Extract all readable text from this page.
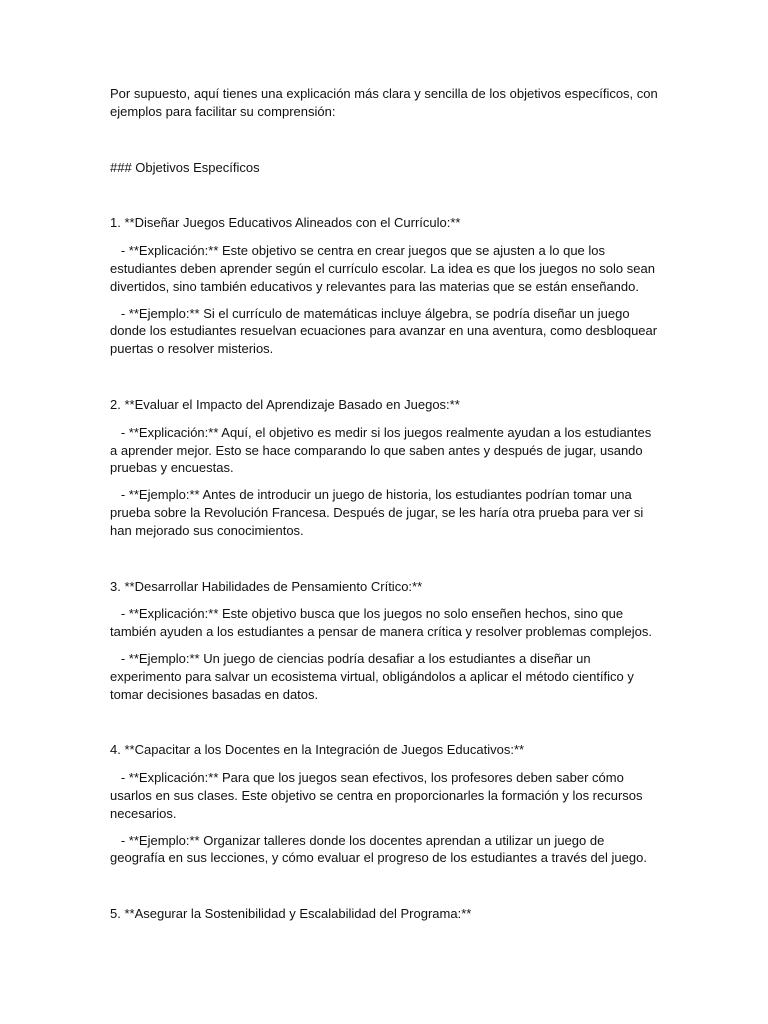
Por supuesto, aquí tienes una explicación más clara y sencilla de los objetivos específicos, con ejemplos para facilitar su comprensión:

### Objetivos Específicos

1. **Diseñar Juegos Educativos Alineados con el Currículo:**

- **Explicación:** Este objetivo se centra en crear juegos que se ajusten a lo que los estudiantes deben aprender según el currículo escolar. La idea es que los juegos no solo sean divertidos, sino también educativos y relevantes para las materias que se están enseñando.

- **Ejemplo:** Si el currículo de matemáticas incluye álgebra, se podría diseñar un juego donde los estudiantes resuelvan ecuaciones para avanzar en una aventura, como desbloquear puertas o resolver misterios.

2. **Evaluar el Impacto del Aprendizaje Basado en Juegos:**

- **Explicación:** Aquí, el objetivo es medir si los juegos realmente ayudan a los estudiantes a aprender mejor. Esto se hace comparando lo que saben antes y después de jugar, usando pruebas y encuestas.

- **Ejemplo:** Antes de introducir un juego de historia, los estudiantes podrían tomar una prueba sobre la Revolución Francesa. Después de jugar, se les haría otra prueba para ver si han mejorado sus conocimientos.

3. **Desarrollar Habilidades de Pensamiento Crítico:**

- **Explicación:** Este objetivo busca que los juegos no solo enseñen hechos, sino que también ayuden a los estudiantes a pensar de manera crítica y resolver problemas complejos.

- **Ejemplo:** Un juego de ciencias podría desafiar a los estudiantes a diseñar un experimento para salvar un ecosistema virtual, obligándolos a aplicar el método científico y tomar decisiones basadas en datos.

4. **Capacitar a los Docentes en la Integración de Juegos Educativos:**

- **Explicación:** Para que los juegos sean efectivos, los profesores deben saber cómo usarlos en sus clases. Este objetivo se centra en proporcionarles la formación y los recursos necesarios.

- **Ejemplo:** Organizar talleres donde los docentes aprendan a utilizar un juego de geografía en sus lecciones, y cómo evaluar el progreso de los estudiantes a través del juego.

5. **Asegurar la Sostenibilidad y Escalabilidad del Programa:**
